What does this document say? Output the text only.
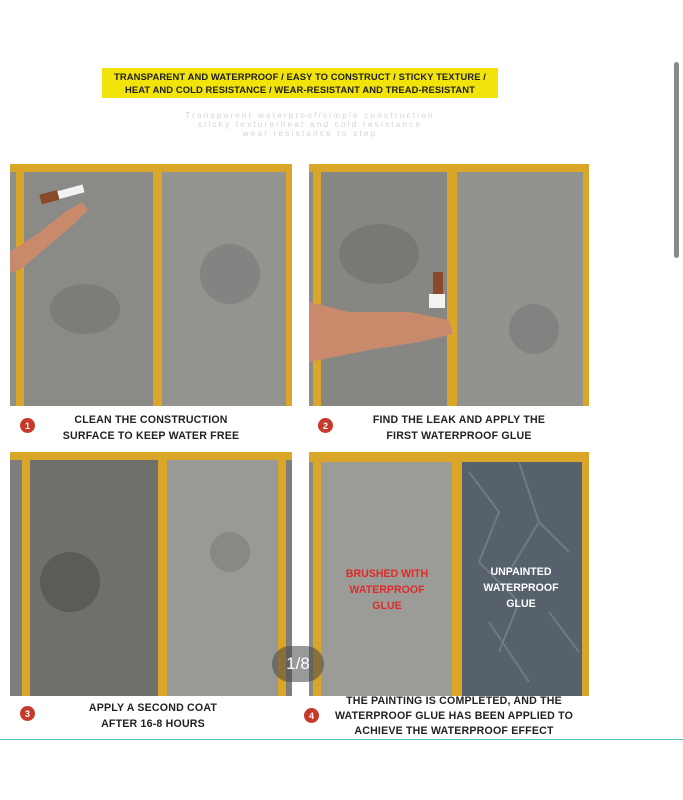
TRANSPARENT AND WATERPROOF / EASY TO CONSTRUCT / STICKY TEXTURE / HEAT AND COLD RESISTANCE / WEAR-RESISTANT AND TREAD-RESISTANT
Transparent waterproof/simple construction
sticky texture/heat and cold resistance
wear resistance to step
1	CLEAN THE CONSTRUCTION
SURFACE TO KEEP WATER FREE
2	FIND THE LEAK AND APPLY THE
FIRST WATERPROOF GLUE
BRUSHED WITH
WATERPROOF
GLUE
UNPAINTED
WATERPROOF
GLUE
3	APPLY A SECOND COAT
AFTER 16-8 HOURS
4
THE PAINTING IS COMPLETED, AND THE
WATERPROOF GLUE HAS BEEN APPLIED TO
ACHIEVE THE WATERPROOF EFFECT
1/8
